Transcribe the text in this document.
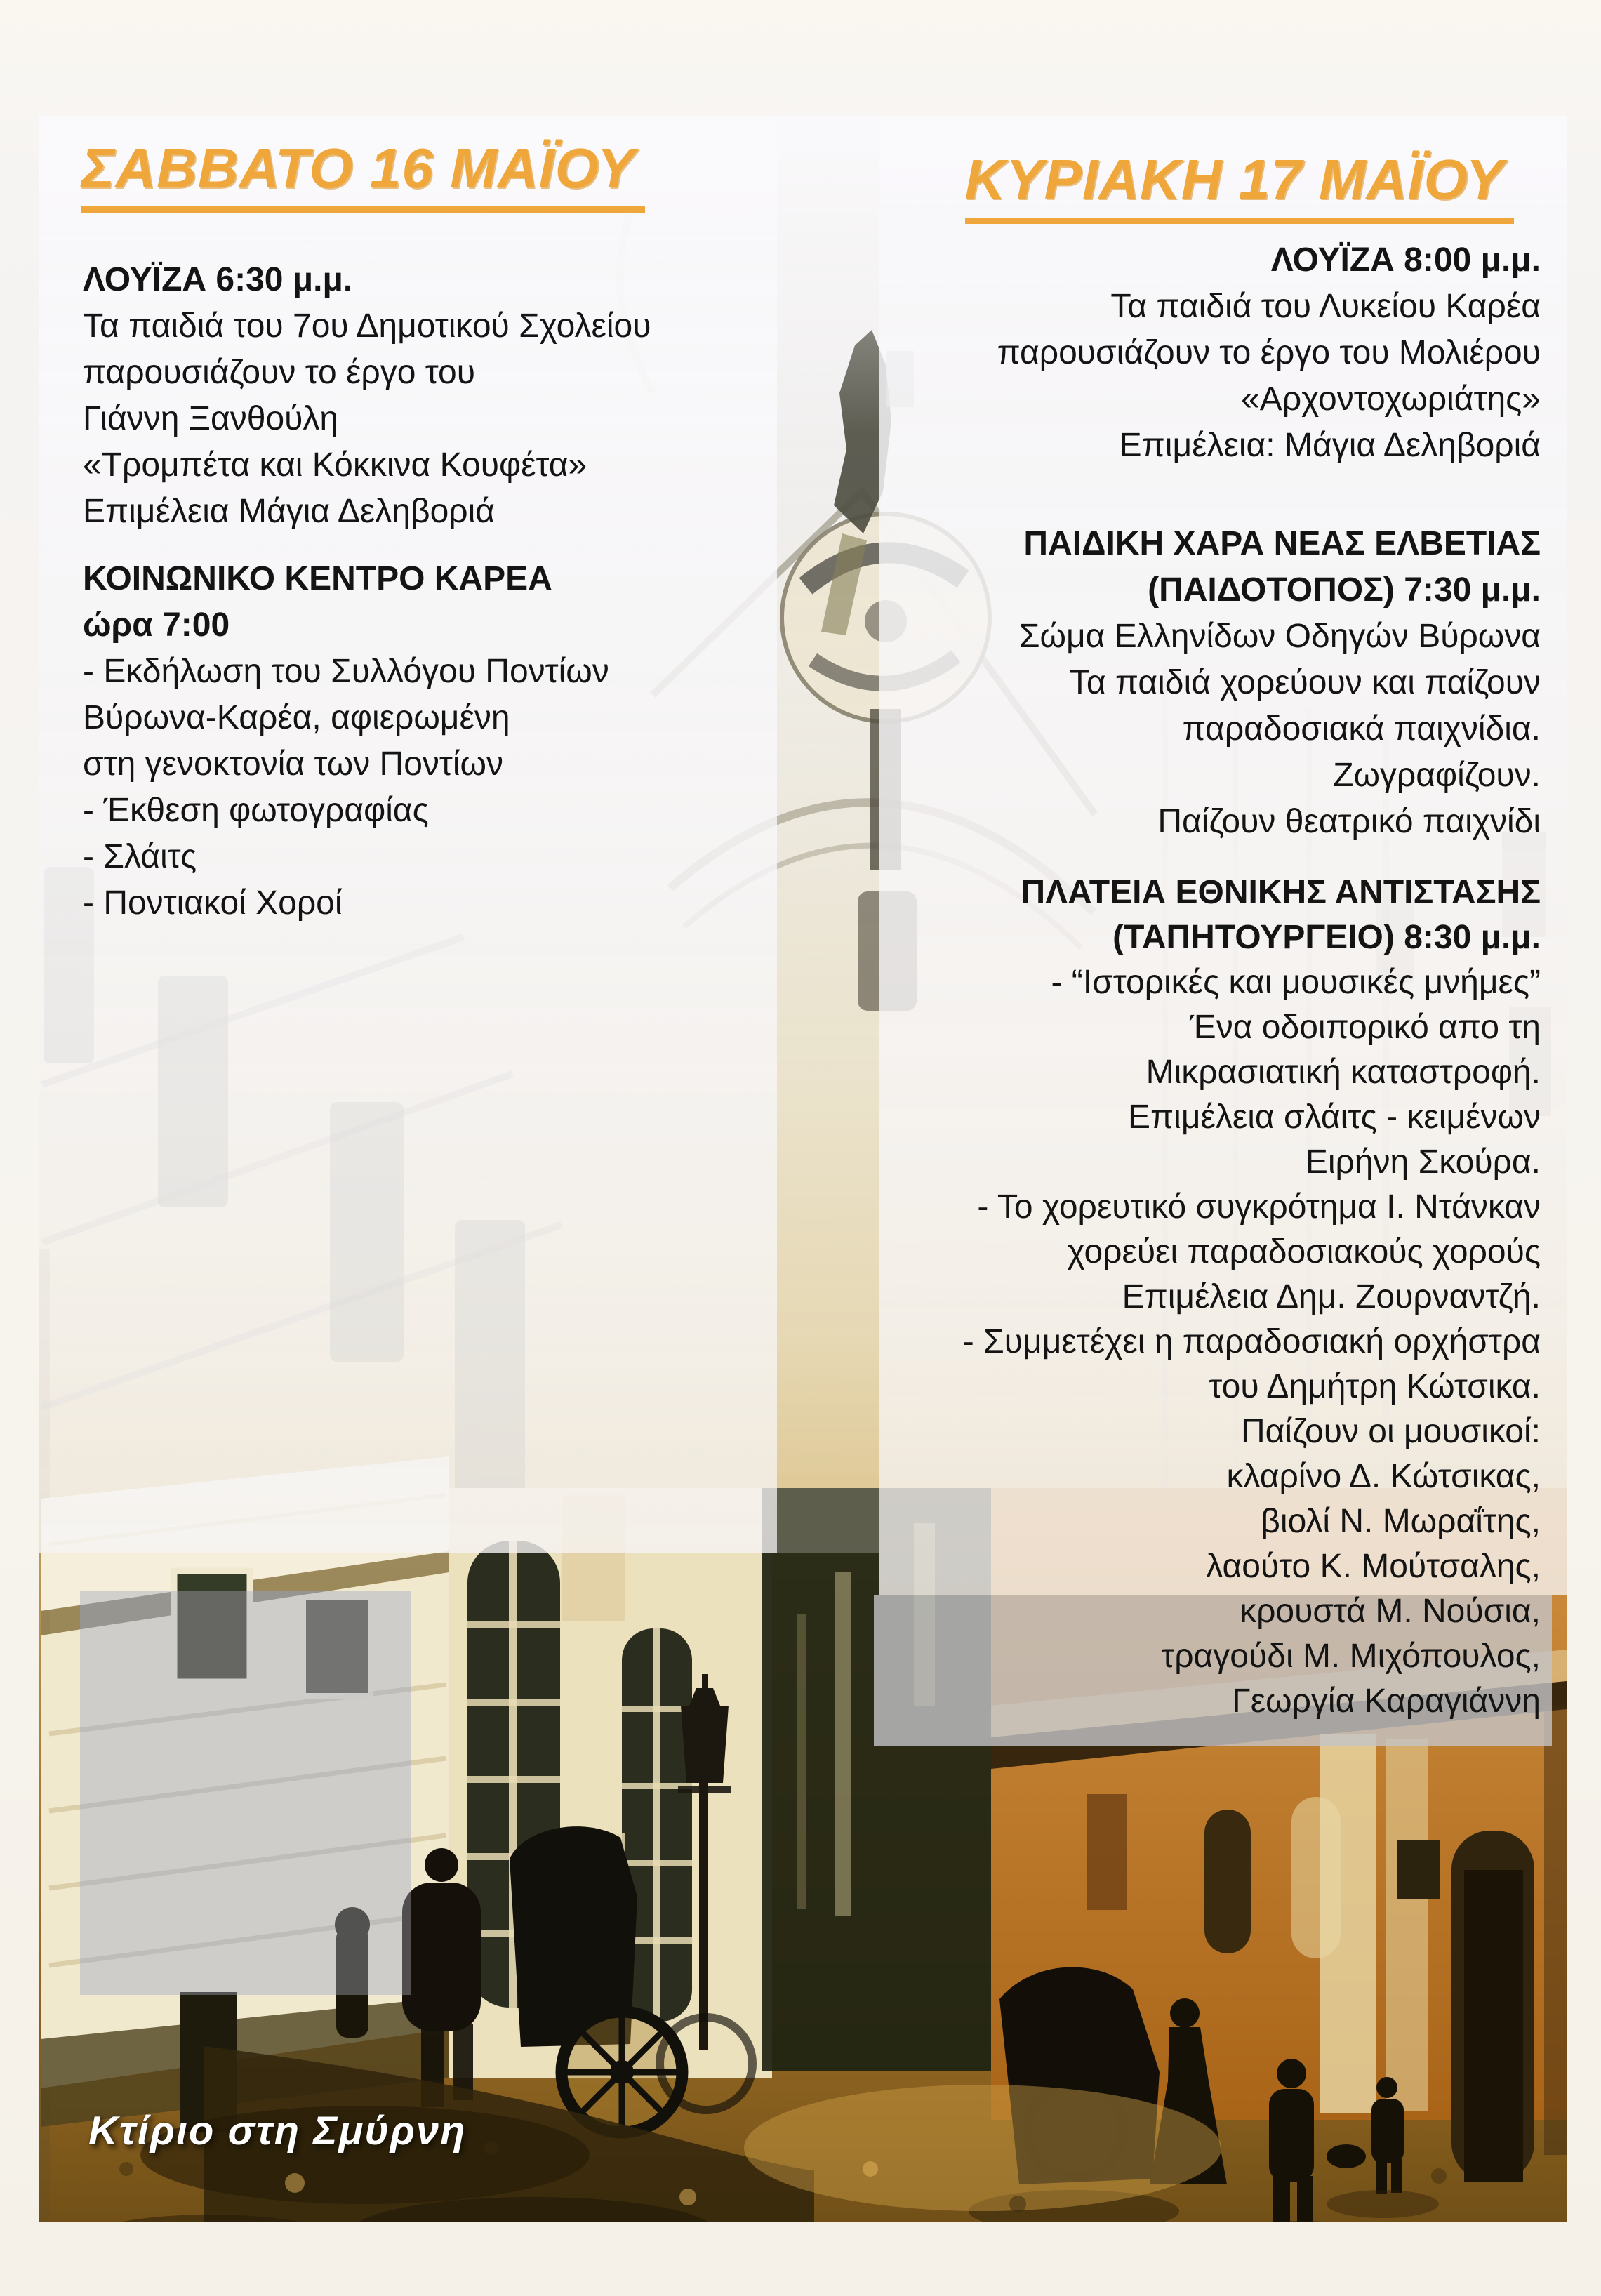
ΣΑΒΒΑΤΟ 16 ΜΑΪΟΥ	ΚΥΡΙΑΚΗ 17 ΜΑΪΟΥ
ΛΟΥΪΖΑ 6:30 μ.μ.
Τα παιδιά του 7ου Δημοτικού Σχολείου
παρουσιάζουν το έργο του
Γιάννη Ξανθούλη
«Τρομπέτα και Κόκκινα Κουφέτα»
Επιμέλεια Μάγια Δεληβοριά
ΚΟΙΝΩΝΙΚΟ ΚΕΝΤΡΟ ΚΑΡΕΑ
ώρα 7:00
- Εκδήλωση του Συλλόγου Ποντίων
Βύρωνα-Καρέα, αφιερωμένη
στη γενοκτονία των Ποντίων
- Έκθεση φωτογραφίας
- Σλάιτς
- Ποντιακοί Χοροί
ΛΟΥΪΖΑ 8:00 μ.μ.
Τα παιδιά του Λυκείου Καρέα
παρουσιάζουν το έργο του Μολιέρου
«Αρχοντοχωριάτης»
Επιμέλεια: Μάγια Δεληβοριά
ΠΑΙΔΙΚΗ ΧΑΡΑ ΝΕΑΣ ΕΛΒΕΤΙΑΣ
(ΠΑΙΔΟΤΟΠΟΣ) 7:30 μ.μ.
Σώμα Ελληνίδων Οδηγών Βύρωνα
Τα παιδιά χορεύουν και παίζουν
παραδοσιακά παιχνίδια.
Ζωγραφίζουν.
Παίζουν θεατρικό παιχνίδι
ΠΛΑΤΕΙΑ ΕΘΝΙΚΗΣ ΑΝΤΙΣΤΑΣΗΣ
(ΤΑΠΗΤΟΥΡΓΕΙΟ) 8:30 μ.μ.
- “Ιστορικές και μουσικές μνήμες”
Ένα οδοιπορικό απο τη
Μικρασιατική καταστροφή.
Επιμέλεια σλάιτς - κειμένων
Ειρήνη Σκούρα.
- Το χορευτικό συγκρότημα Ι. Ντάνκαν
χορεύει παραδοσιακούς χορούς
Επιμέλεια Δημ. Ζουρναντζή.
- Συμμετέχει η παραδοσιακή ορχήστρα
του Δημήτρη Κώτσικα.
Παίζουν οι μουσικοί:
κλαρίνο Δ. Κώτσικας,
βιολί Ν. Μωραΐτης,
λαούτο Κ. Μούτσαλης,
κρουστά Μ. Νούσια,
τραγούδι Μ. Μιχόπουλος,
Γεωργία Καραγιάννη
Κτίριο στη Σμύρνη
